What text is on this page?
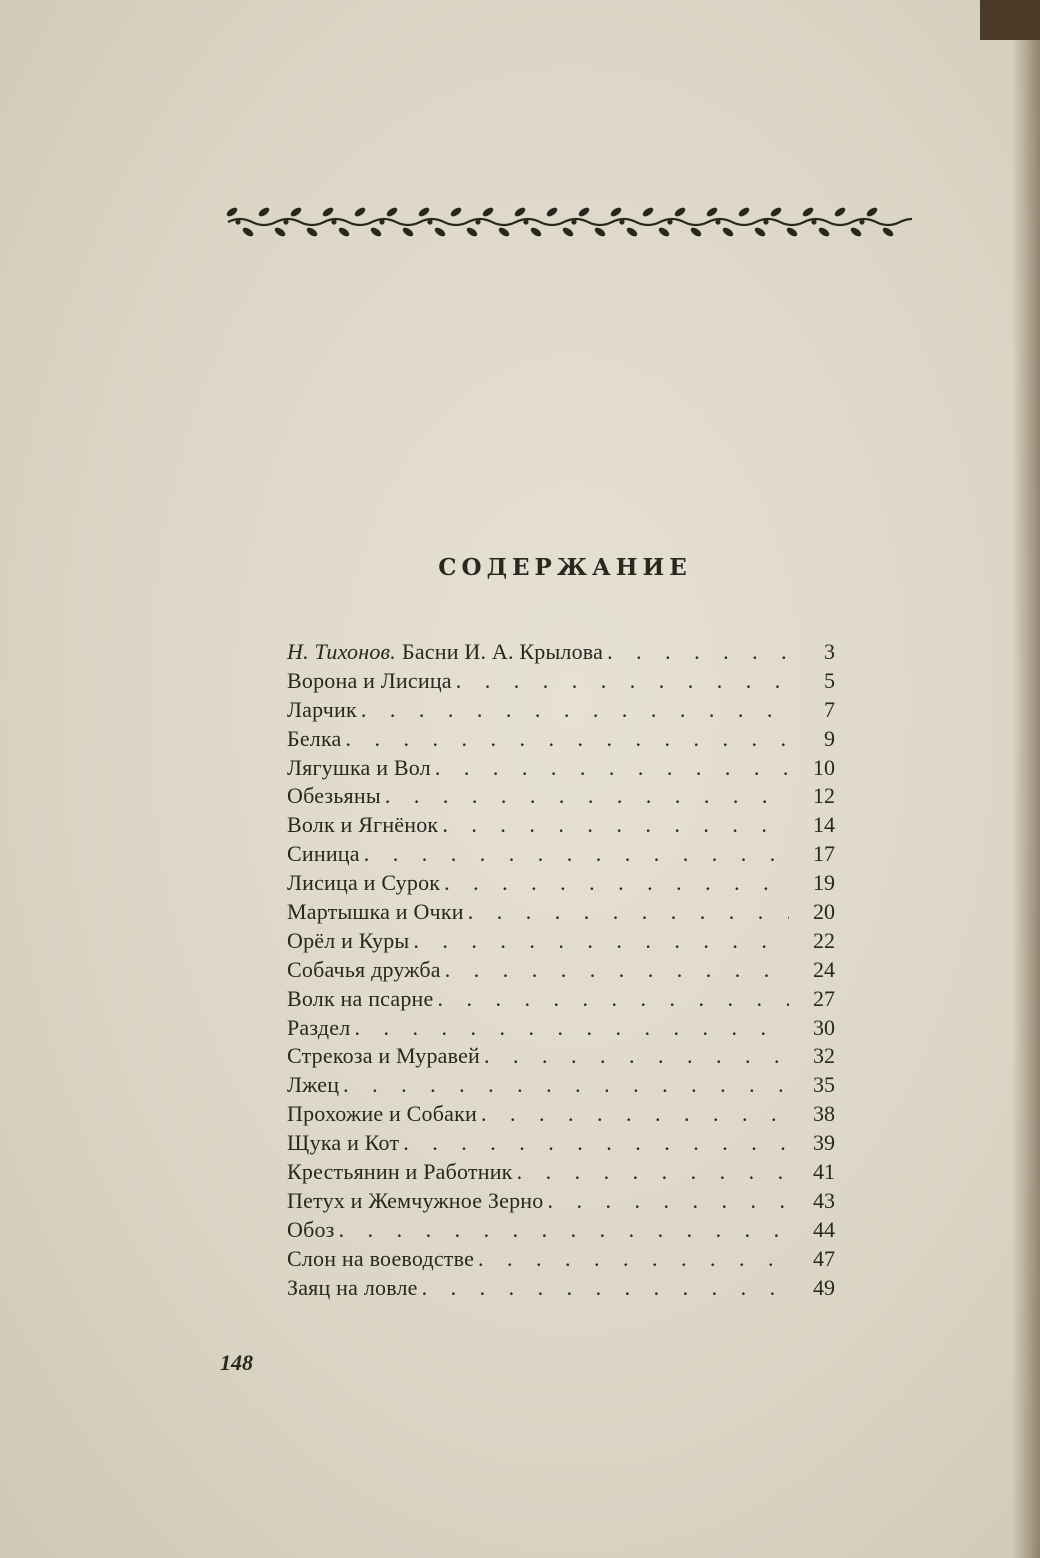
СОДЕРЖАНИЕ
Н. Тихонов. Басни И. А. Крылова . . .	3
Ворона и Лисица . . .	5
Ларчик . . .	7
Белка . . .	9
Лягушка и Вол . . .	10
Обезьяны . . .	12
Волк и Ягнёнок . . .	14
Синица . . .	17
Лисица и Сурок . . .	19
Мартышка и Очки . . .	20
Орёл и Куры . . .	22
Собачья дружба . . .	24
Волк на псарне . . .	27
Раздел . . .	30
Стрекоза и Муравей . . .	32
Лжец . . .	35
Прохожие и Собаки . . .	38
Щука и Кот . . .	39
Крестьянин и Работник . . .	41
Петух и Жемчужное Зерно . . .	43
Обоз . . .	44
Слон на воеводстве . . .	47
Заяц на ловле . . .	49
148
